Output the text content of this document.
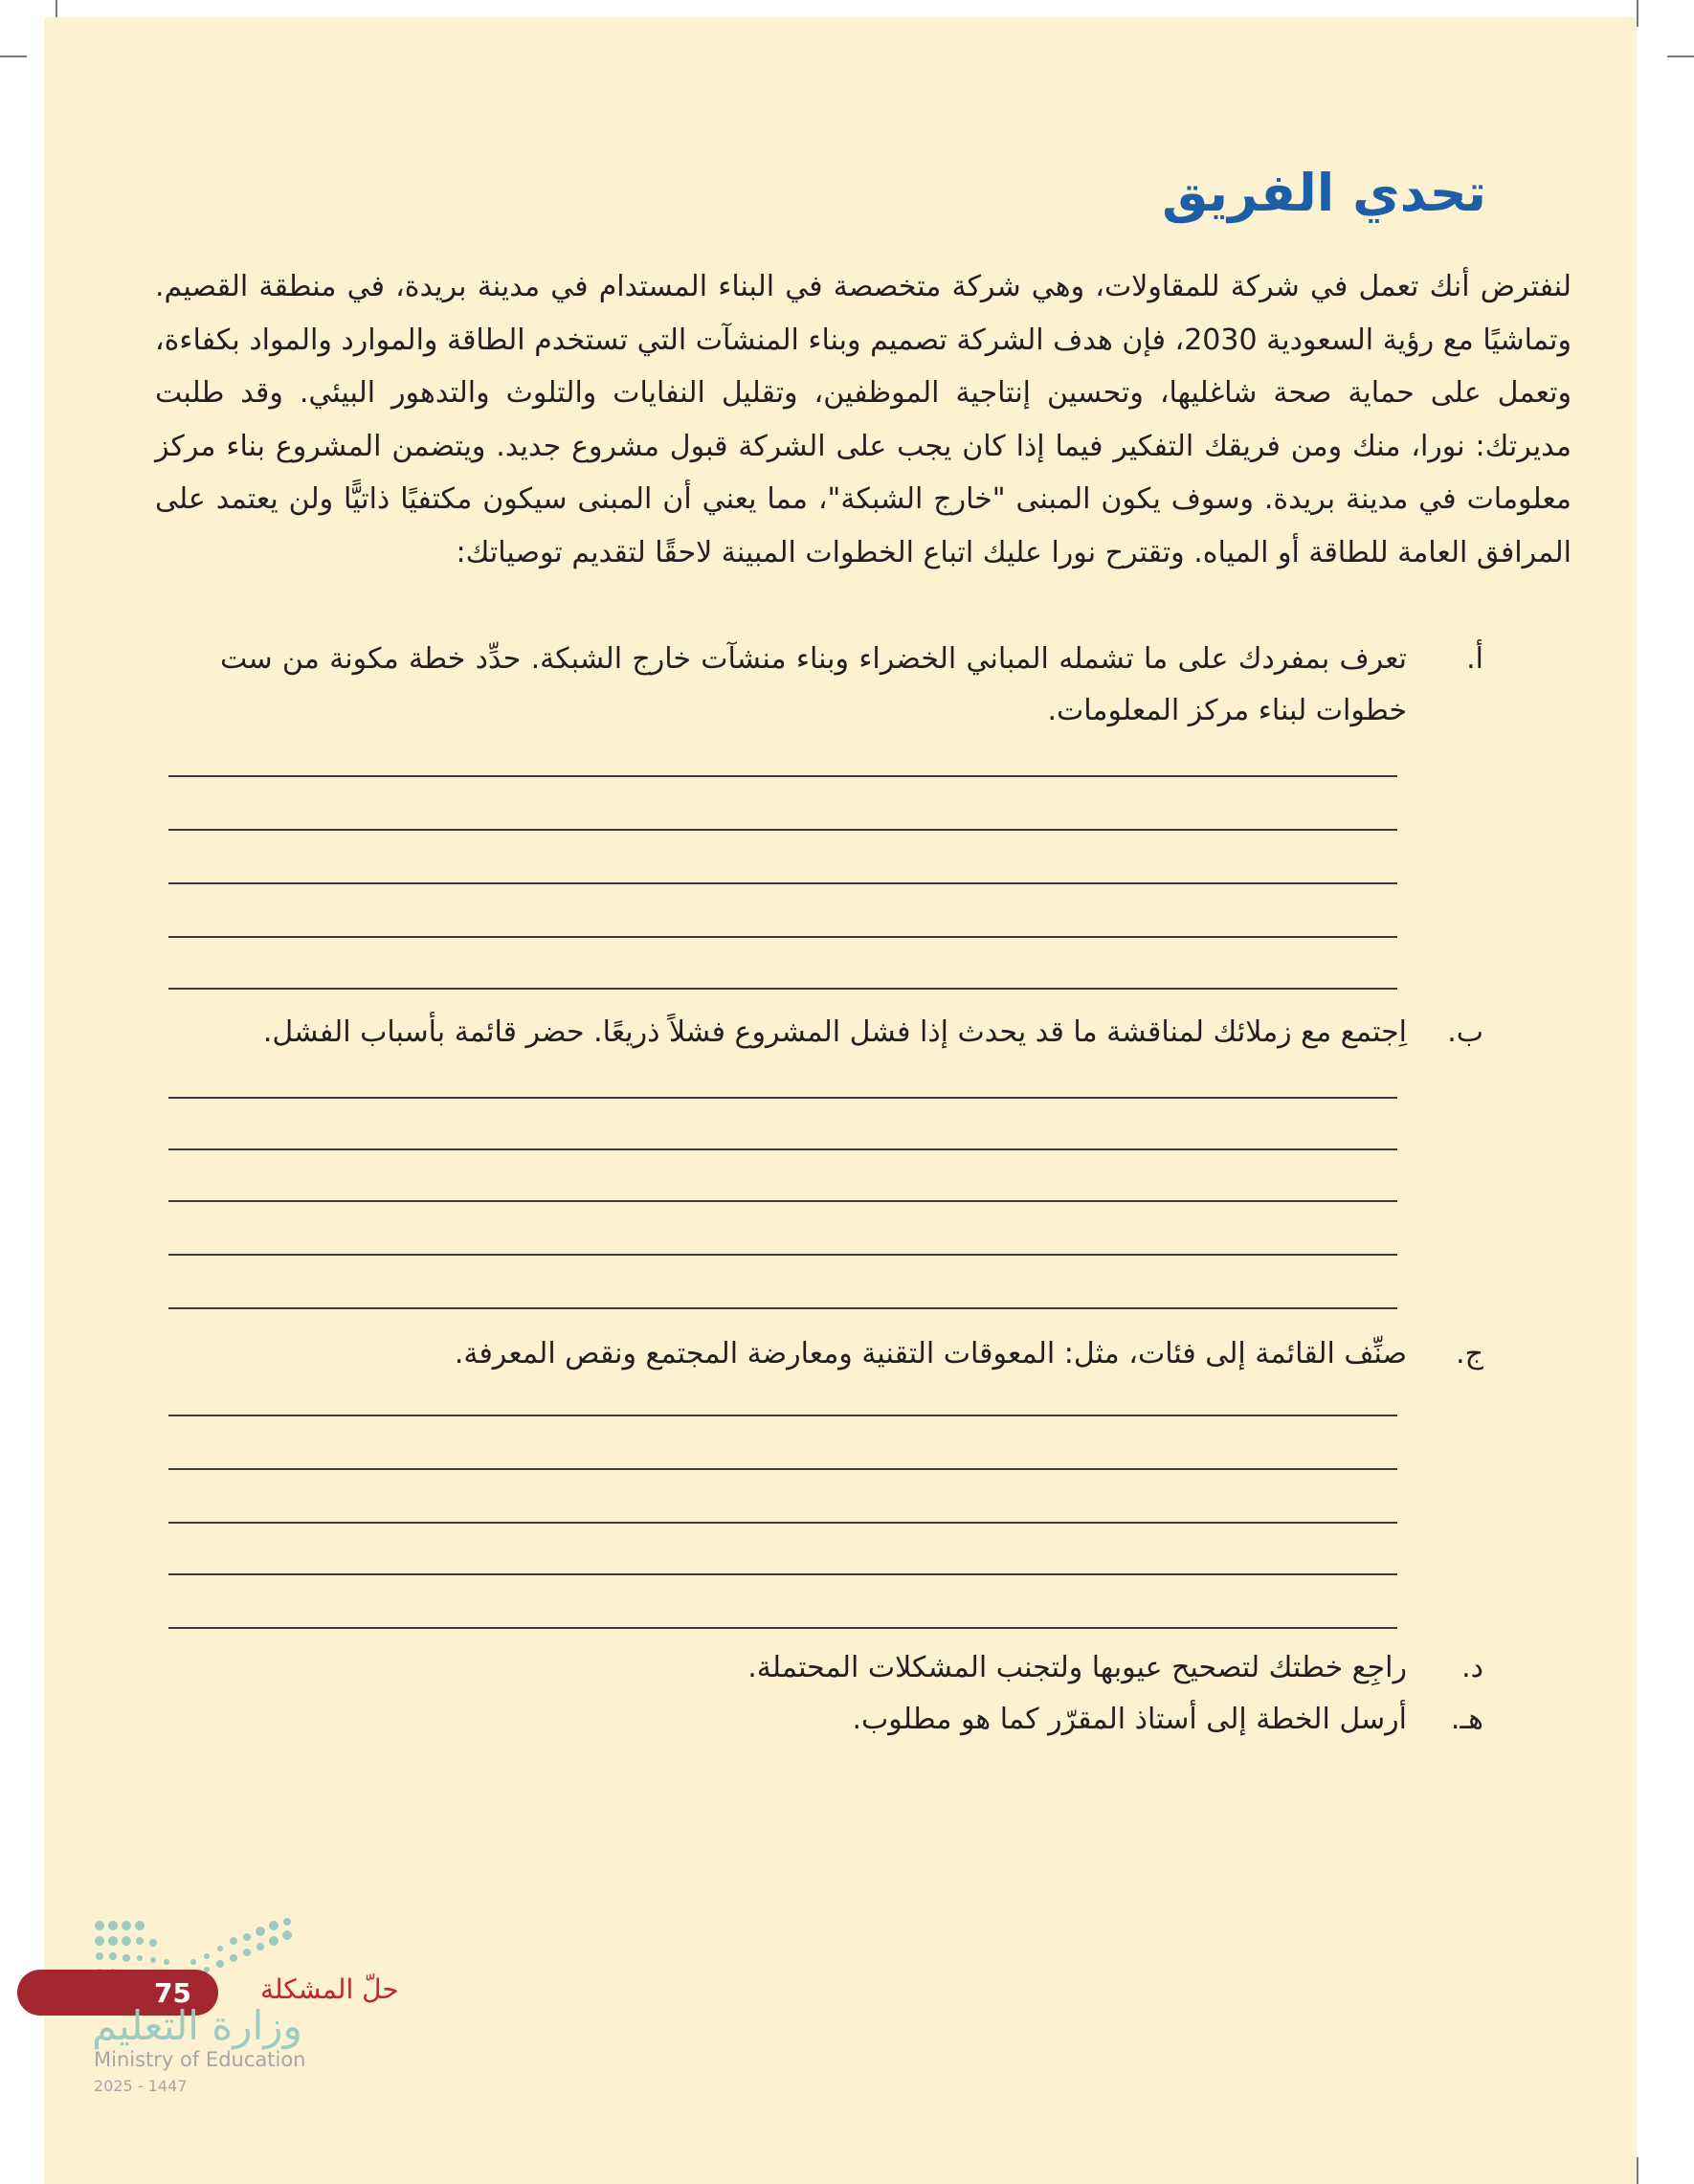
تحدي الفريق

لنفترض أنك تعمل في شركة للمقاولات، وهي شركة متخصصة في البناء المستدام في مدينة بريدة، في منطقة القصيم. وتماشيًا مع رؤية السعودية 2030، فإن هدف الشركة تصميم وبناء المنشآت التي تستخدم الطاقة والموارد والمواد بكفاءة، وتعمل على حماية صحة شاغليها، وتحسين إنتاجية الموظفين، وتقليل النفايات والتلوث والتدهور البيئي. وقد طلبت مديرتك: نورا، منك ومن فريقك التفكير فيما إذا كان يجب على الشركة قبول مشروع جديد. ويتضمن المشروع بناء مركز معلومات في مدينة بريدة. وسوف يكون المبنى "خارج الشبكة"، مما يعني أن المبنى سيكون مكتفيًا ذاتيًّا ولن يعتمد على المرافق العامة للطاقة أو المياه. وتقترح نورا عليك اتباع الخطوات المبينة لاحقًا لتقديم توصياتك:

أ.
تعرف بمفردك على ما تشمله المباني الخضراء وبناء منشآت خارج الشبكة. حدِّد خطة مكونة من ست خطوات لبناء مركز المعلومات.
ب.
اِجتمع مع زملائك لمناقشة ما قد يحدث إذا فشل المشروع فشلاً ذريعًا. حضر قائمة بأسباب الفشل.
ج.
صنِّف القائمة إلى فئات، مثل: المعوقات التقنية ومعارضة المجتمع ونقص المعرفة.
د.
راجِع خطتك لتصحيح عيوبها ولتجنب المشكلات المحتملة.
هـ.
أرسل الخطة إلى أستاذ المقرّر كما هو مطلوب.
75	حلّ المشكلة
وزارة التعليم
Ministry of Education
2025 - 1447
